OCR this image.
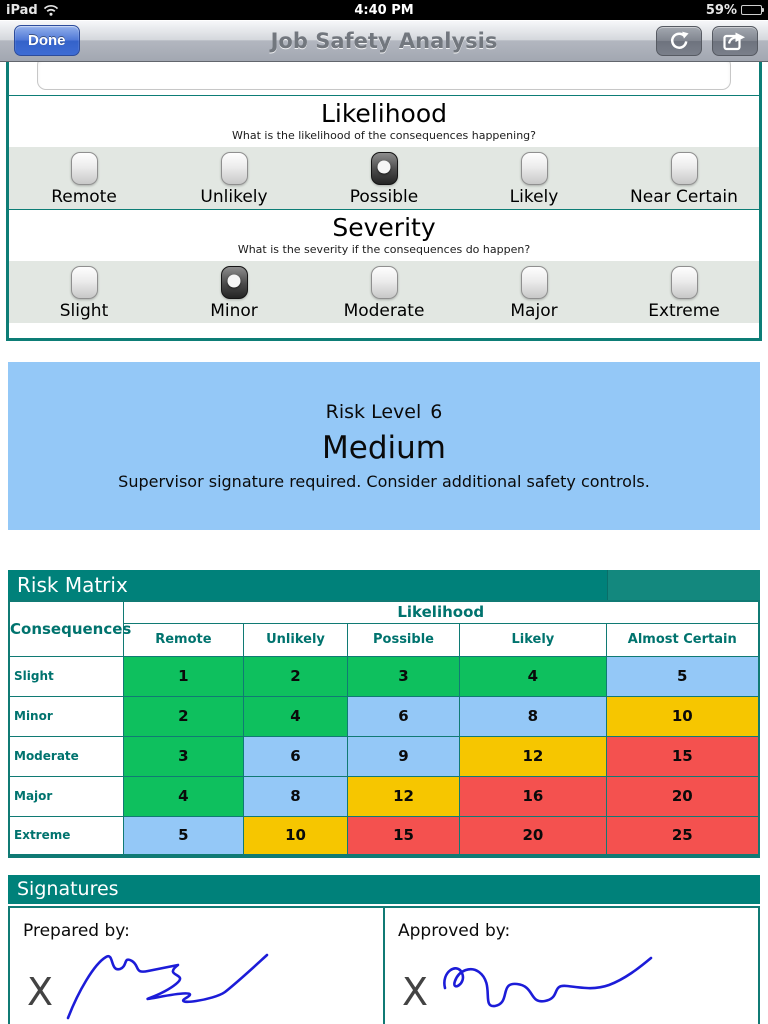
iPad	4:40 PM	59%
Job Safety Analysis
Done
Likelihood
What is the likelihood of the consequences happening?
Remote	Unlikely	Possible	Likely	Near Certain
Severity
What is the severity if the consequences do happen?
Slight	Minor	Moderate	Major	Extreme
Risk Level 6
Medium
Supervisor signature required. Consider additional safety controls.
Risk Matrix
Consequences	Likelihood				
	Remote	Unlikely	Possible	Likely	Almost Certain
Slight	1	2	3	4	5
Minor	2	4	6	8	10
Moderate	3	6	9	12	15
Major	4	8	12	16	20
Extreme	5	10	15	20	25
Signatures
Prepared by:
X
Approved by:
X
